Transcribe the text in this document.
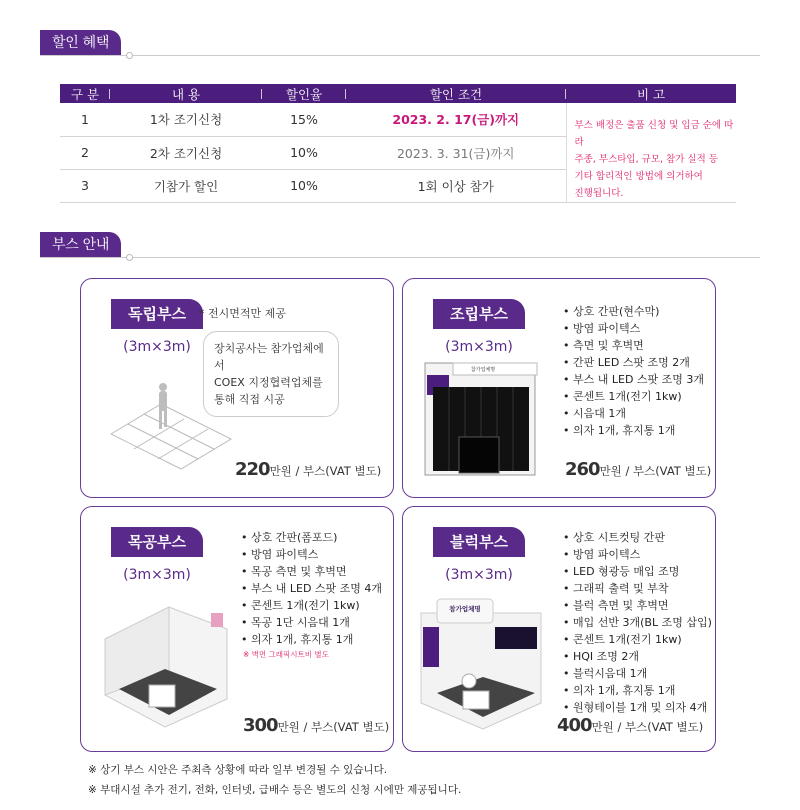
할인 혜택
구 분	내 용	할인율	할인 조건	비 고
1	1차 조기신청	15%	2023. 2. 17(금)까지	부스 배정은 출품 신청 및 입금 순에 따라
주종, 부스타입, 규모, 참가 실적 등
기타 합리적인 방법에 의거하여
진행됩니다.

2	2차 조기신청	10%	2023. 3. 31(금)까지	
3	기참가 할인	10%	1회 이상 참가	
부스 안내
독립부스
(3m×3m)
* 전시면적만 제공
장치공사는 참가업체에서
COEX 지정협력업체를
통해 직접 시공
220만원 / 부스(VAT 별도)
조립부스
(3m×3m)
참가업체명
• 상호 간판(현수막)
• 방염 파이텍스
• 측면 및 후벽면
• 간판 LED 스팟 조명 2개
• 부스 내 LED 스팟 조명 3개
• 콘센트 1개(전기 1kw)
• 시음대 1개
• 의자 1개, 휴지통 1개
260만원 / 부스(VAT 별도)
목공부스
(3m×3m)
• 상호 간판(폼포드)
• 방염 파이텍스
• 목공 측면 및 후벽면
• 부스 내 LED 스팟 조명 4개
• 콘센트 1개(전기 1kw)
• 목공 1단 시음대 1개
• 의자 1개, 휴지통 1개
※ 벽면 그래픽시트비 별도
300만원 / 부스(VAT 별도)
블럭부스
(3m×3m)
참가업체명
• 상호 시트컷팅 간판
• 방염 파이텍스
• LED 형광등 매입 조명
• 그래픽 출력 및 부착
• 블럭 측면 및 후벽면
• 매입 선반 3개(BL 조명 삽입)
• 콘센트 1개(전기 1kw)
• HQI 조명 2개
• 블럭시음대 1개
• 의자 1개, 휴지통 1개
• 원형테이블 1개 및 의자 4개
400만원 / 부스(VAT 별도)
※ 상기 부스 시안은 주최측 상황에 따라 일부 변경될 수 있습니다.
※ 부대시설 추가 전기, 전화, 인터넷, 급배수 등은 별도의 신청 시에만 제공됩니다.
